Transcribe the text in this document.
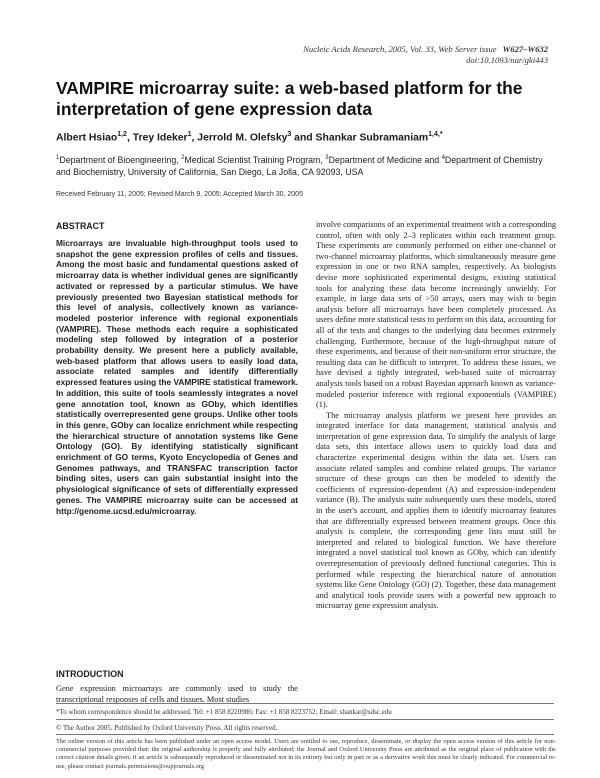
Nucleic Acids Research, 2005, Vol. 33, Web Server issue W627–W632
doi:10.1093/nar/gki443
VAMPIRE microarray suite: a web-based platform for the interpretation of gene expression data
Albert Hsiao$^{1,2}$, Trey Ideker$^1$, Jerrold M. Olefsky$^3$ and Shankar Subramaniam$^{1,4,*}$
$^1$Department of Bioengineering, $^2$Medical Scientist Training Program, $^3$Department of Medicine and $^4$Department of Chemistry and Biochemistry, University of California, San Diego, La Jolla, CA 92093, USA
Received February 11, 2005; Revised March 9, 2005; Accepted March 30, 2005
ABSTRACT

Microarrays are invaluable high-throughput tools used to snapshot the gene expression profiles of cells and tissues. Among the most basic and fundamental questions asked of microarray data is whether individual genes are significantly activated or repressed by a particular stimulus. We have previously presented two Bayesian statistical methods for this level of analysis, collectively known as variance-modeled posterior inference with regional exponentials (VAMPIRE). These methods each require a sophisticated modeling step followed by integration of a posterior probability density. We present here a publicly available, web-based platform that allows users to easily load data, associate related samples and identify differentially expressed features using the VAMPIRE statistical framework. In addition, this suite of tools seamlessly integrates a novel gene annotation tool, known as GOby, which identifies statistically overrepresented gene groups. Unlike other tools in this genre, GOby can localize enrichment while respecting the hierarchical structure of annotation systems like Gene Ontology (GO). By identifying statistically significant enrichment of GO terms, Kyoto Encyclopedia of Genes and Genomes pathways, and TRANSFAC transcription factor binding sites, users can gain substantial insight into the physiological significance of sets of differentially expressed genes. The VAMPIRE microarray suite can be accessed at http://genome.ucsd.edu/microarray.

INTRODUCTION
Gene expression microarrays are commonly used to study the transcriptional responses of cells and tissues. Most studies

involve comparisons of an experimental treatment with a corresponding control, often with only 2–3 replicates within each treatment group. These experiments are commonly performed on either one-channel or two-channel microarray platforms, which simultaneously measure gene expression in one or two RNA samples, respectively. As biologists devise more sophisticated experimental designs, existing statistical tools for analyzing these data become increasingly unwieldy. For example, in large data sets of >50 arrays, users may wish to begin analysis before all microarrays have been completely processed. As users define more statistical tests to perform on this data, accounting for all of the tests and changes to the underlying data becomes extremely challenging. Furthermore, because of the high-throughput nature of these experiments, and because of their non-uniform error structure, the resulting data can be difficult to interpret. To address these issues, we have devised a tightly integrated, web-based suite of microarray analysis tools based on a robust Bayesian approach known as variance-modeled posterior inference with regional exponentials (VAMPIRE) (1).

The microarray analysis platform we present here provides an integrated interface for data management, statistical analysis and interpretation of gene expression data. To simplify the analysis of large data sets, this interface allows users to quickly load data and characterize experimental designs within the data set. Users can associate related samples and combine related groups. The variance structure of these groups can then be modeled to identify the coefficients of expression-dependent (A) and expression-independent variance (B). The analysis suite subsequently uses these models, stored in the user's account, and applies them to identify microarray features that are differentially expressed between treatment groups. Once this analysis is complete, the corresponding gene lists must still be interpreted and related to biological function. We have therefore integrated a novel statistical tool known as GOby, which can identify overrepresentation of previously defined functional categories. This is performed while respecting the hierarchical nature of annotation systems like Gene Ontology (GO) (2). Together, these data management and analytical tools provide users with a powerful new approach to microarray gene expression analysis.

*To whom correspondence should be addressed. Tel: +1 858 8220986; Fax: +1 858 8223752; Email: shankar@sdsc.edu
© The Author 2005. Published by Oxford University Press. All rights reserved.
The online version of this article has been published under an open access model. Users are entitled to use, reproduce, disseminate, or display the open access version of this article for non-commercial purposes provided that: the original authorship is properly and fully attributed; the Journal and Oxford University Press are attributed as the original place of publication with the correct citation details given; if an article is subsequently reproduced or disseminated not in its entirety but only in part or as a derivative work this must be clearly indicated. For commercial re-use, please contact journals.permissions@oupjournals.org
